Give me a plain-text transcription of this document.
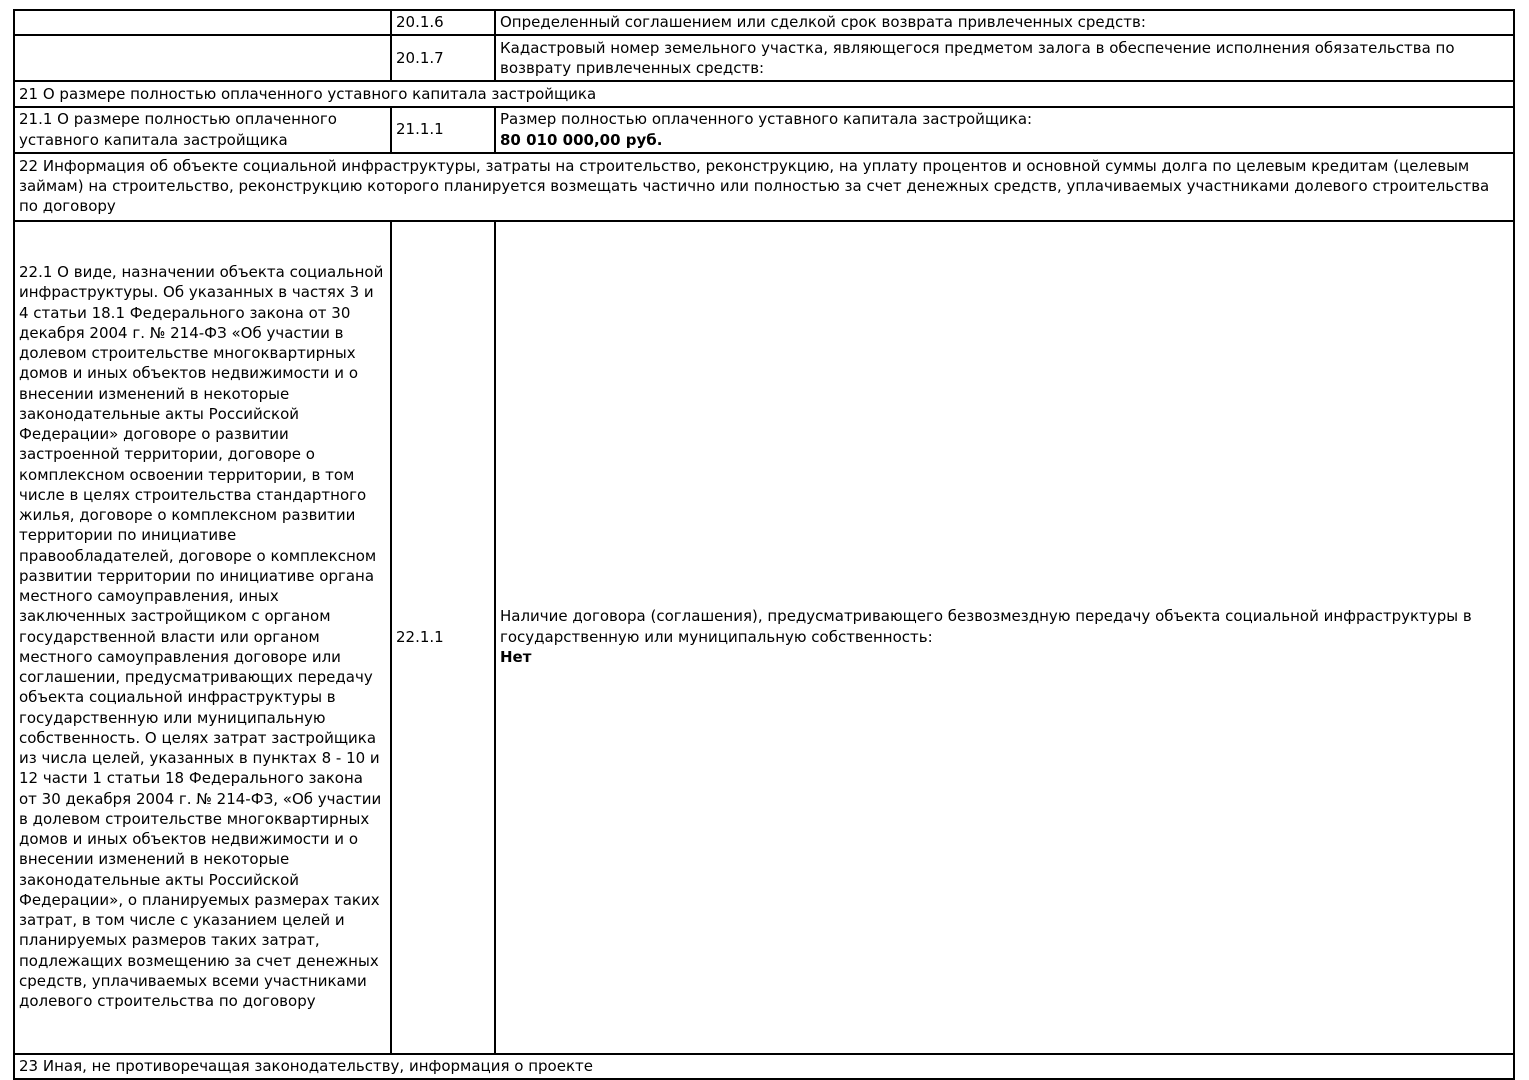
	20.1.6	Определенный соглашением или сделкой срок возврата привлеченных средств:

	20.1.7	Кадастровый номер земельного участка, являющегося предметом залога в обеспечение исполнения обязательства по возврату привлеченных средств:

21 О размере полностью оплаченного уставного капитала застройщика		
21.1 О размере полностью оплаченного уставного капитала застройщика	21.1.1	Размер полностью оплаченного уставного капитала застройщика:
80 010 000,00 руб.

22 Информация об объекте социальной инфраструктуры, затраты на строительство, реконструкцию, на уплату процентов и основной суммы долга по целевым кредитам (целевым займам) на строительство, реконструкцию которого планируется возмещать частично или полностью за счет денежных средств, уплачиваемых участниками долевого строительства по договору		
22.1 О виде, назначении объекта социальной инфраструктуры. Об указанных в частях 3 и 4 статьи 18.1 Федерального закона от 30 декабря 2004 г. № 214-ФЗ «Об участии в долевом строительстве многоквартирных домов и иных объектов недвижимости и о внесении изменений в некоторые законодательные акты Российской Федерации» договоре о развитии застроенной территории, договоре о комплексном освоении территории, в том числе в целях строительства стандартного жилья, договоре о комплексном развитии территории по инициативе правообладателей, договоре о комплексном развитии территории по инициативе органа местного самоуправления, иных заключенных застройщиком с органом государственной власти или органом местного самоуправления договоре или соглашении, предусматривающих передачу объекта социальной инфраструктуры в государственную или муниципальную собственность. О целях затрат застройщика из числа целей, указанных в пунктах 8 - 10 и 12 части 1 статьи 18 Федерального закона от 30 декабря 2004 г. № 214-ФЗ, «Об участии в долевом строительстве многоквартирных домов и иных объектов недвижимости и о внесении изменений в некоторые законодательные акты Российской Федерации», о планируемых размерах таких затрат, в том числе с указанием целей и планируемых размеров таких затрат, подлежащих возмещению за счет денежных средств, уплачиваемых всеми участниками долевого строительства по договору	22.1.1	Наличие договора (соглашения), предусматривающего безвозмездную передачу объекта социальной инфраструктуры в государственную или муниципальную собственность:
Нет

23 Иная, не противоречащая законодательству, информация о проекте		
